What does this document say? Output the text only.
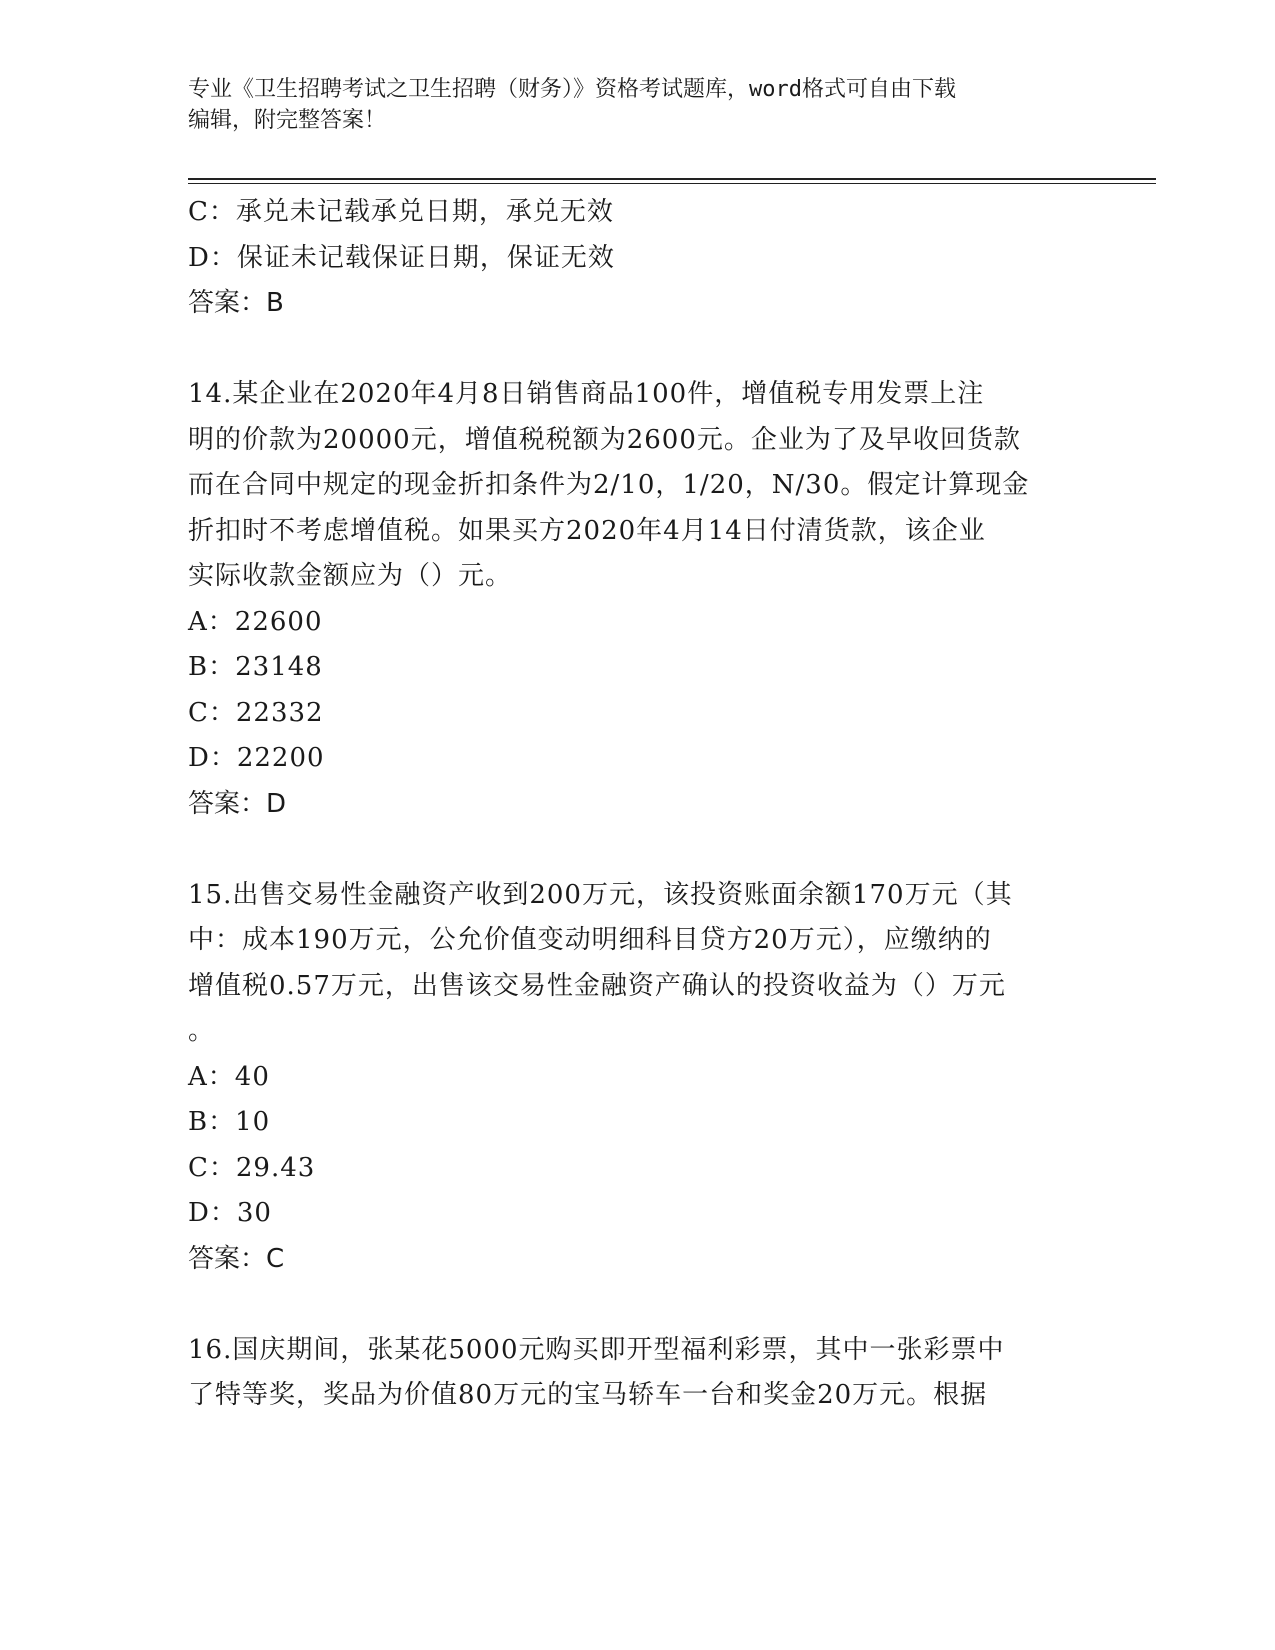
专业《卫生招聘考试之卫生招聘（财务）》资格考试题库，word格式可自由下载
编辑，附完整答案！
C：承兑未记载承兑日期，承兑无效
D：保证未记载保证日期，保证无效
答案：B
14.某企业在2020年4月8日销售商品100件，增值税专用发票上注
明的价款为20000元，增值税税额为2600元。企业为了及早收回货款
而在合同中规定的现金折扣条件为2/10，1/20，N/30。假定计算现金
折扣时不考虑增值税。如果买方2020年4月14日付清货款，该企业
实际收款金额应为（）元。
A：22600
B：23148
C：22332
D：22200
答案：D
15.出售交易性金融资产收到200万元，该投资账面余额170万元（其
中：成本190万元，公允价值变动明细科目贷方20万元），应缴纳的
增值税0.57万元，出售该交易性金融资产确认的投资收益为（）万元
。
A：40
B：10
C：29.43
D：30
答案：C
16.国庆期间，张某花5000元购买即开型福利彩票，其中一张彩票中
了特等奖，奖品为价值80万元的宝马轿车一台和奖金20万元。根据
